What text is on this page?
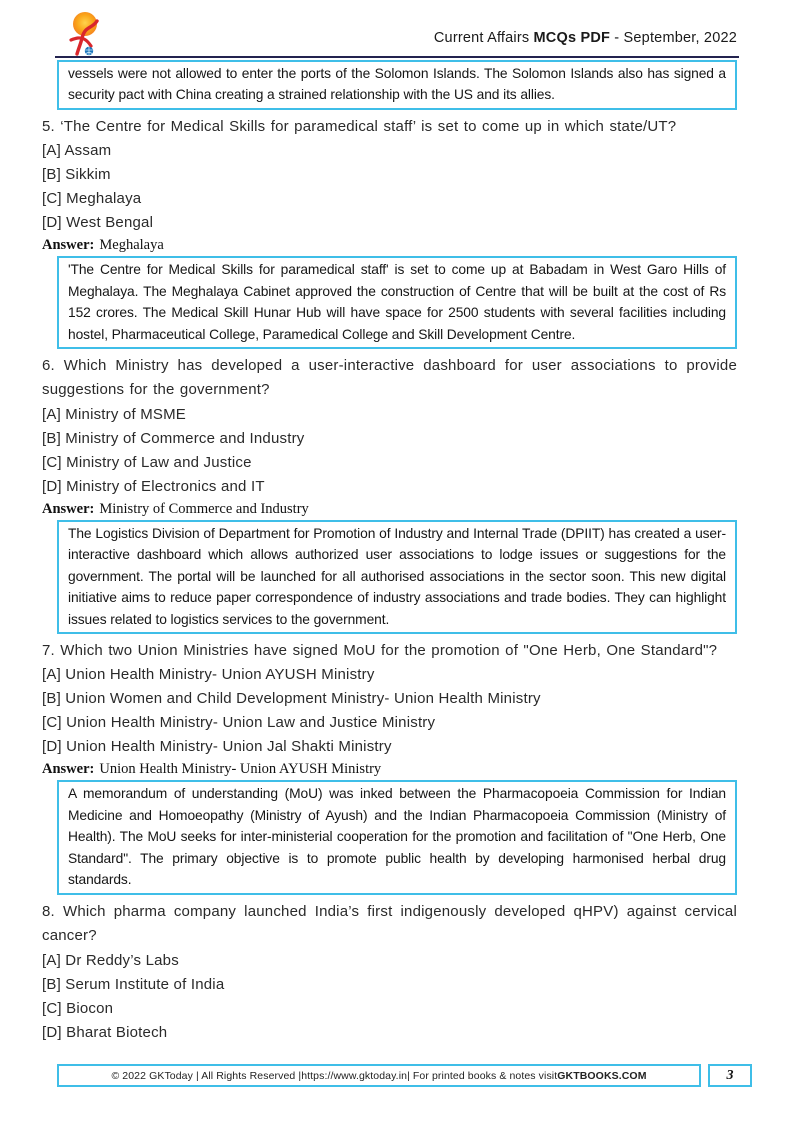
Current Affairs MCQs PDF - September, 2022

vessels were not allowed to enter the ports of the Solomon Islands. The Solomon Islands also has signed a security pact with China creating a strained relationship with the US and its allies.

5. ‘The Centre for Medical Skills for paramedical staff’ is set to come up in which state/UT?

[A] Assam

[B] Sikkim

[C] Meghalaya

[D] West Bengal

Answer: Meghalaya

'The Centre for Medical Skills for paramedical staff' is set to come up at Babadam in West Garo Hills of Meghalaya. The Meghalaya Cabinet approved the construction of Centre that will be built at the cost of Rs 152 crores. The Medical Skill Hunar Hub will have space for 2500 students with several facilities including hostel, Pharmaceutical College, Paramedical College and Skill Development Centre.

6. Which Ministry has developed a user-interactive dashboard for user associations to provide suggestions for the government?

[A] Ministry of MSME

[B] Ministry of Commerce and Industry

[C] Ministry of Law and Justice

[D] Ministry of Electronics and IT

Answer: Ministry of Commerce and Industry

The Logistics Division of Department for Promotion of Industry and Internal Trade (DPIIT) has created a user-interactive dashboard which allows authorized user associations to lodge issues or suggestions for the government. The portal will be launched for all authorised associations in the sector soon. This new digital initiative aims to reduce paper correspondence of industry associations and trade bodies. They can highlight issues related to logistics services to the government.

7. Which two Union Ministries have signed MoU for the promotion of "One Herb, One Standard"?

[A] Union Health Ministry- Union AYUSH Ministry

[B] Union Women and Child Development Ministry- Union Health Ministry

[C] Union Health Ministry- Union Law and Justice Ministry

[D] Union Health Ministry- Union Jal Shakti Ministry

Answer: Union Health Ministry- Union AYUSH Ministry

A memorandum of understanding (MoU) was inked between the Pharmacopoeia Commission for Indian Medicine and Homoeopathy (Ministry of Ayush) and the Indian Pharmacopoeia Commission (Ministry of Health). The MoU seeks for inter-ministerial cooperation for the promotion and facilitation of "One Herb, One Standard". The primary objective is to promote public health by developing harmonised herbal drug standards.

8. Which pharma company launched India’s first indigenously developed qHPV) against cervical cancer?

[A] Dr Reddy’s Labs

[B] Serum Institute of India

[C] Biocon

[D] Bharat Biotech

© 2022 GKToday | All Rights Reserved | https://www.gktoday.in | For printed books & notes visit GKTBOOKS.COM	3
